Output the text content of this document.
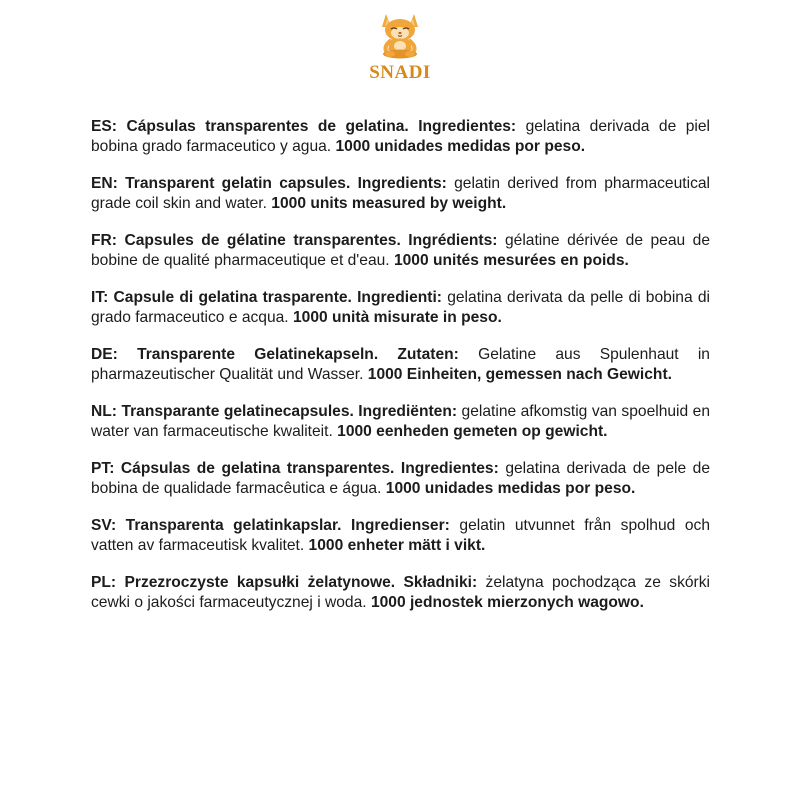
SNADI

ES: Cápsulas transparentes de gelatina. Ingredientes: gelatina derivada de piel bobina grado farmaceutico y agua. 1000 unidades medidas por peso.

EN: Transparent gelatin capsules. Ingredients: gelatin derived from pharmaceutical grade coil skin and water. 1000 units measured by weight.

FR: Capsules de gélatine transparentes. Ingrédients: gélatine dérivée de peau de bobine de qualité pharmaceutique et d'eau. 1000 unités mesurées en poids.

IT: Capsule di gelatina trasparente. Ingredienti: gelatina derivata da pelle di bobina di grado farmaceutico e acqua. 1000 unità misurate in peso.

DE: Transparente Gelatinekapseln. Zutaten: Gelatine aus Spulenhaut in pharmazeutischer Qualität und Wasser. 1000 Einheiten, gemessen nach Gewicht.

NL: Transparante gelatinecapsules. Ingrediënten: gelatine afkomstig van spoelhuid en water van farmaceutische kwaliteit. 1000 eenheden gemeten op gewicht.

PT: Cápsulas de gelatina transparentes. Ingredientes: gelatina derivada de pele de bobina de qualidade farmacêutica e água. 1000 unidades medidas por peso.

SV: Transparenta gelatinkapslar. Ingredienser: gelatin utvunnet från spolhud och vatten av farmaceutisk kvalitet. 1000 enheter mätt i vikt.

PL: Przezroczyste kapsułki żelatynowe. Składniki: żelatyna pochodząca ze skórki cewki o jakości farmaceutycznej i woda. 1000 jednostek mierzonych wagowo.
